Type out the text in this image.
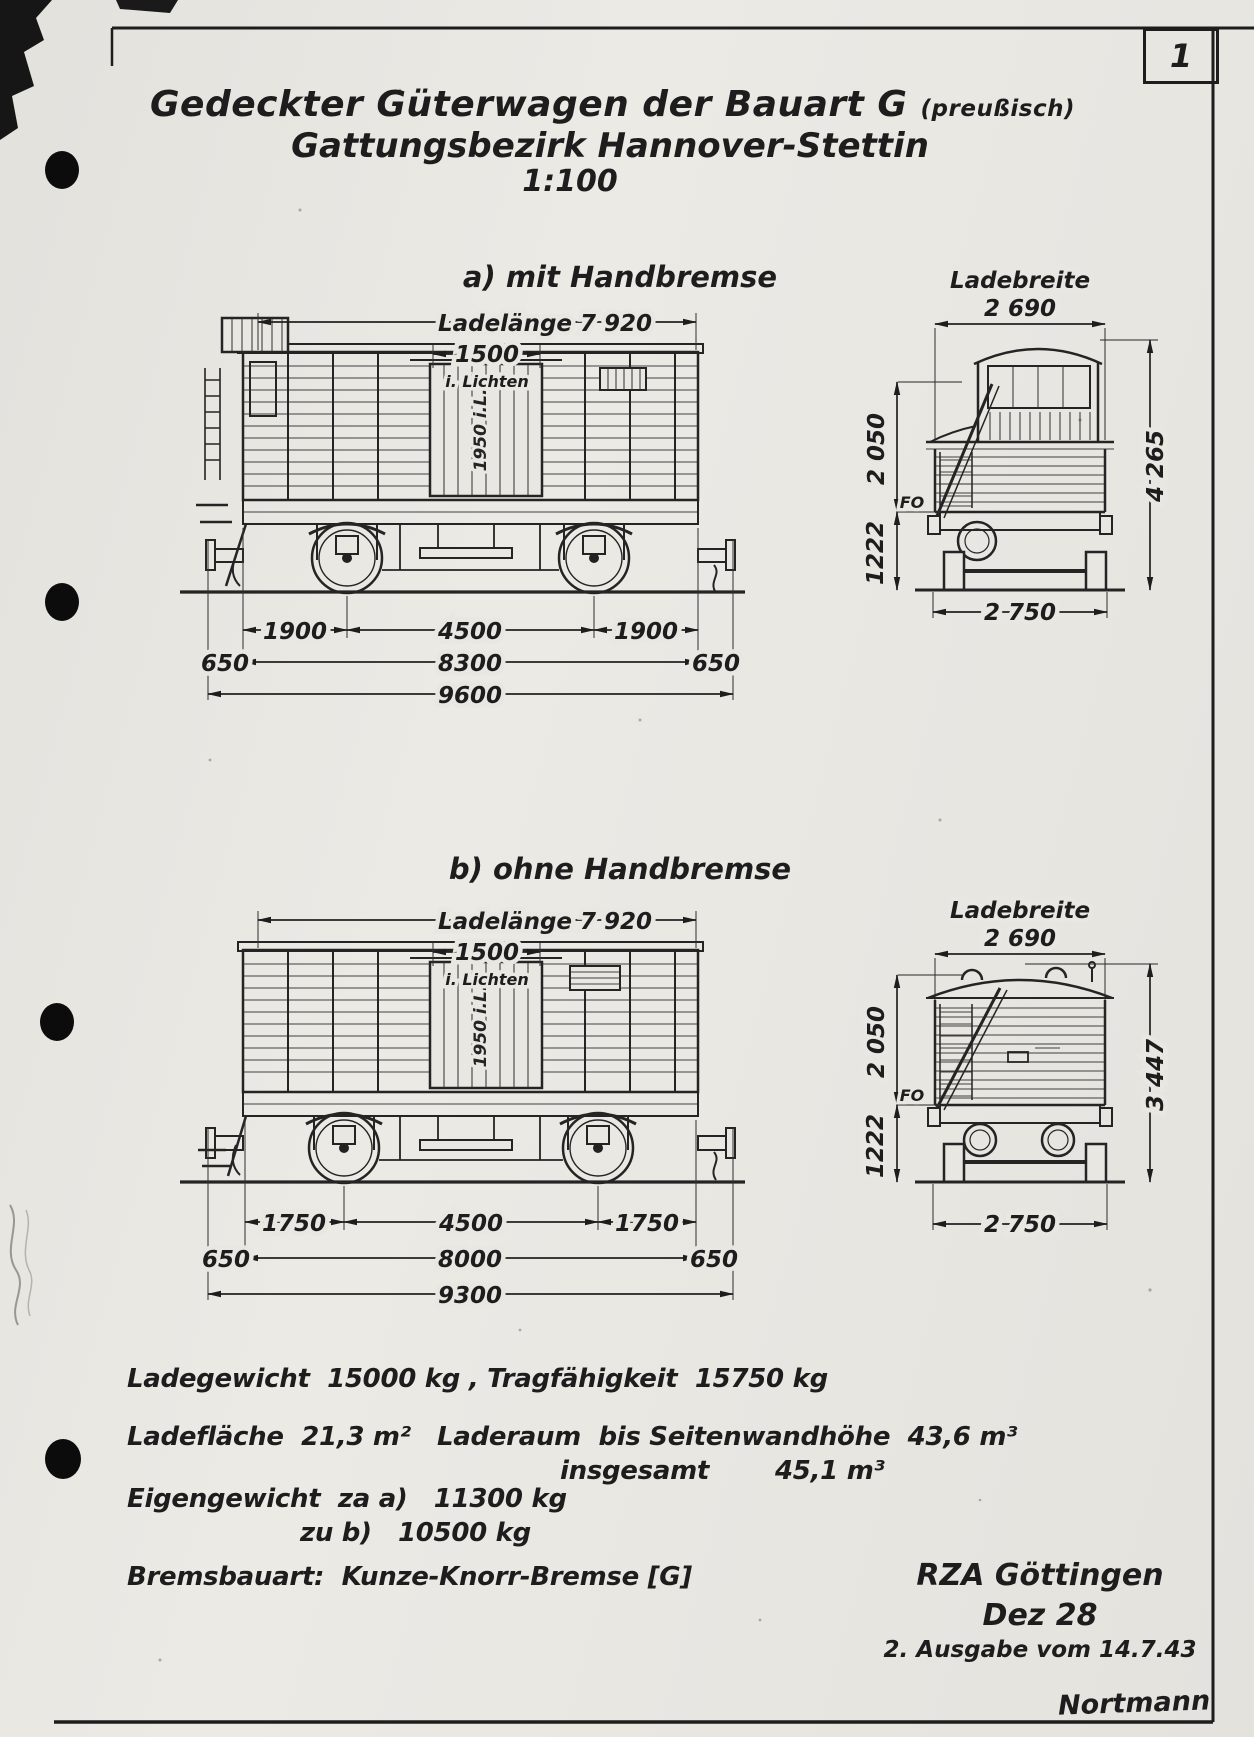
1950 i.L.
Ladelänge 7 920
1500
i. Lichten
1900	4500	1900
650	8300	650
9600
Ladebreite
2 690
2 050
FO
1222
4 265
2 750
1950 i.L.
Ladelänge 7 920
1500
i. Lichten
1750	4500	1750
650	8000	650
9300
Ladebreite
2 690
2 050
FO
1222
3 447
2 750
1
Gedeckter Güterwagen der Bauart G (preußisch)
Gattungsbezirk Hannover-Stettin
1:100
a) mit Handbremse
b) ohne Handbremse
Ladegewicht  15000 kg , Tragfähigkeit  15750 kg
Ladefläche  21,3 m²   Laderaum  bis Seitenwandhöhe  43,6 m³
insgesamt	45,1 m³
Eigengewicht  za a)   11300 kg
zu b)   10500 kg
Bremsbauart:  Kunze-Knorr-Bremse [G]	RZA Göttingen
Dez 28
2. Ausgabe vom 14.7.43
Nortmann
